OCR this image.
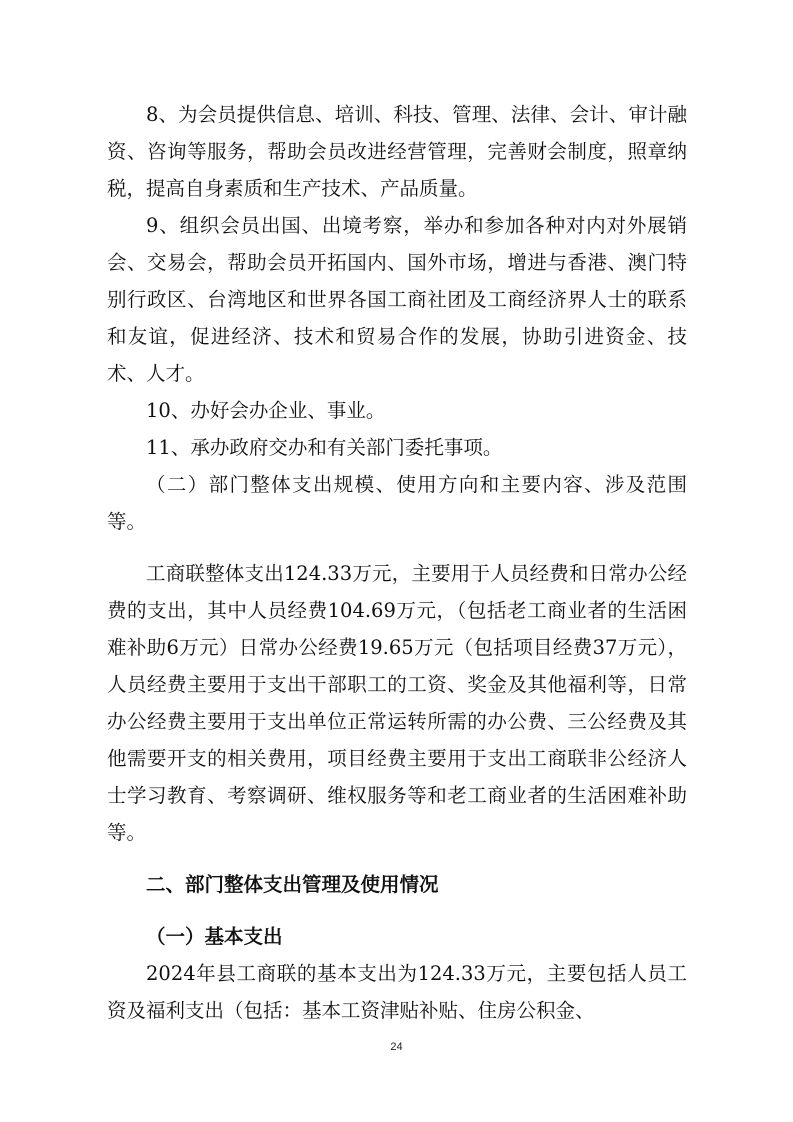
8、为会员提供信息、培训、科技、管理、法律、会计、审计融资、咨询等服务，帮助会员改进经营管理，完善财会制度，照章纳税，提高自身素质和生产技术、产品质量。

9、组织会员出国、出境考察，举办和参加各种对内对外展销会、交易会，帮助会员开拓国内、国外市场，增进与香港、澳门特别行政区、台湾地区和世界各国工商社团及工商经济界人士的联系和友谊，促进经济、技术和贸易合作的发展，协助引进资金、技术、人才。

10、办好会办企业、事业。

11、承办政府交办和有关部门委托事项。

（二）部门整体支出规模、使用方向和主要内容、涉及范围等。

工商联整体支出124.33万元，主要用于人员经费和日常办公经费的支出，其中人员经费104.69万元，（包括老工商业者的生活困难补助6万元）日常办公经费19.65万元（包括项目经费37万元），人员经费主要用于支出干部职工的工资、奖金及其他福利等，日常办公经费主要用于支出单位正常运转所需的办公费、三公经费及其他需要开支的相关费用，项目经费主要用于支出工商联非公经济人士学习教育、考察调研、维权服务等和老工商业者的生活困难补助等。

二、部门整体支出管理及使用情况

（一）基本支出

2024年县工商联的基本支出为124.33万元，主要包括人员工资及福利支出（包括：基本工资津贴补贴、住房公积金、

24
